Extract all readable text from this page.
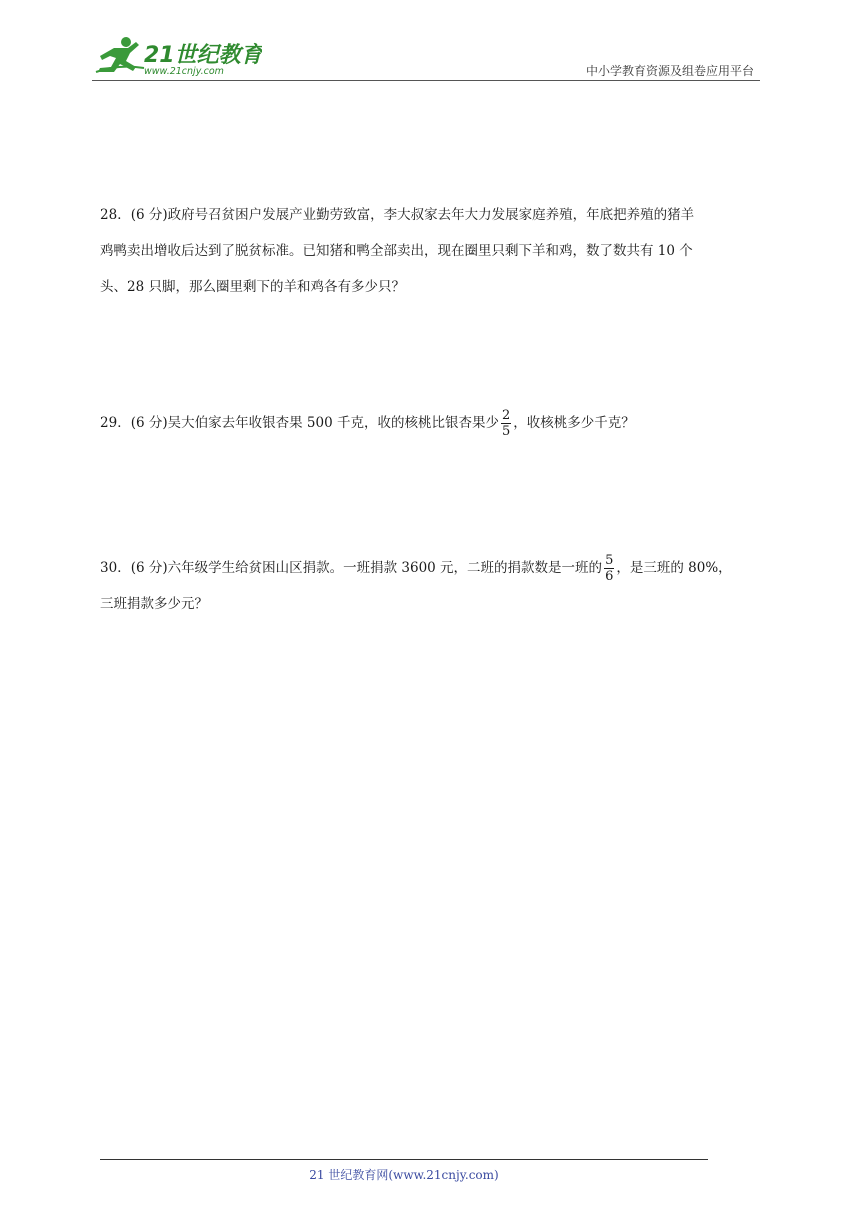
21世纪教育
www.21cnjy.com	中小学教育资源及组卷应用平台
28．(6 分)政府号召贫困户发展产业勤劳致富，李大叔家去年大力发展家庭养殖，年底把养殖的猪羊
鸡鸭卖出增收后达到了脱贫标准。已知猪和鸭全部卖出，现在圈里只剩下羊和鸡，数了数共有 10 个
头、28 只脚，那么圈里剩下的羊和鸡各有多少只？
29．(6 分)吴大伯家去年收银杏果 500 千克，收的核桃比银杏果少 $\frac{2}{5}$ ，收核桃多少千克？
30．(6 分)六年级学生给贫困山区捐款。一班捐款 3600 元，二班的捐款数是一班的 $\frac{5}{6}$ ，是三班的 80%，
三班捐款多少元？
21 世纪教育网(www.21cnjy.com)
